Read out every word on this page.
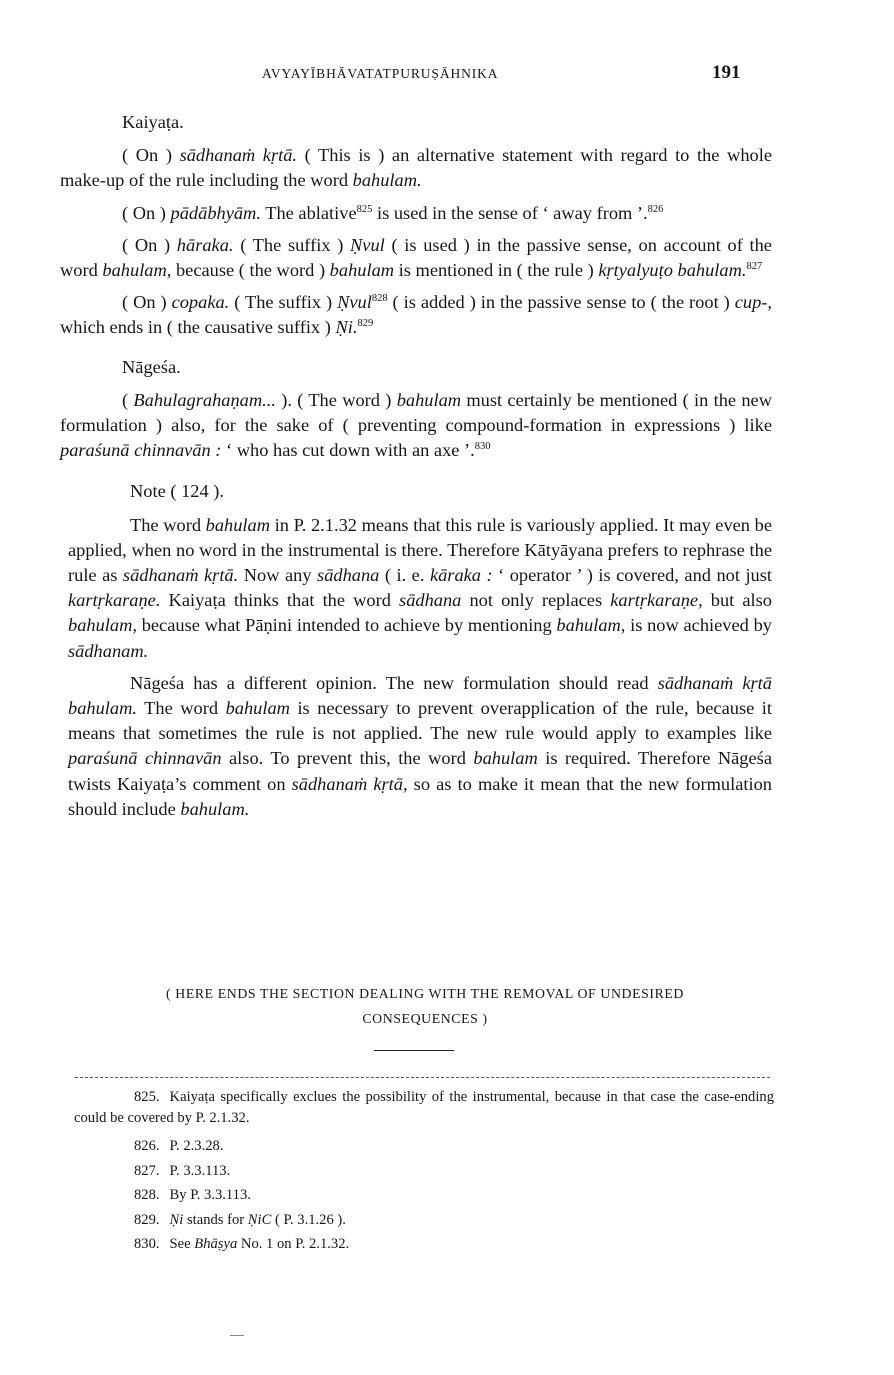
AVYAYĪBHĀVATATPURUṢĀHNIKA	191
Kaiyaṭa.

( On ) sādhanaṁ kṛtā. ( This is ) an alternative statement with regard to the whole make-up of the rule including the word bahulam.

( On ) pādābhyām. The ablative$^{825}$ is used in the sense of ‘ away from ’.$^{826}$

( On ) hāraka. ( The suffix ) Ṇvul ( is used ) in the passive sense, on account of the word bahulam, because ( the word ) bahulam is mentioned in ( the rule ) kṛtyalyuṭo bahulam.$^{827}$

( On ) copaka. ( The suffix ) Ṇvul$^{828}$ ( is added ) in the passive sense to ( the root ) cup-, which ends in ( the causative suffix ) Ṇi.$^{829}$

Nāgeśa.

( Bahulagrahaṇam... ). ( The word ) bahulam must certainly be mentioned ( in the new formulation ) also, for the sake of ( preventing compound-formation in expressions ) like paraśunā chinnavān : ‘ who has cut down with an axe ’.$^{830}$

Note ( 124 ).

The word bahulam in P. 2.1.32 means that this rule is variously applied. It may even be applied, when no word in the instrumental is there. Therefore Kātyāyana prefers to rephrase the rule as sādhanaṁ kṛtā. Now any sādhana ( i. e. kāraka : ‘ operator ’ ) is covered, and not just kartṛkaraṇe. Kaiyaṭa thinks that the word sādhana not only replaces kartṛkaraṇe, but also bahulam, because what Pāṇini intended to achieve by mentioning bahulam, is now achieved by sādhanam.

Nāgeśa has a different opinion. The new formulation should read sādhanaṁ kṛtā bahulam. The word bahulam is necessary to prevent overapplication of the rule, because it means that sometimes the rule is not applied. The new rule would apply to examples like paraśunā chinnavān also. To prevent this, the word bahulam is required. Therefore Nāgeśa twists Kaiyaṭa’s comment on sādhanaṁ kṛtā, so as to make it mean that the new formulation should include bahulam.

( HERE ENDS THE SECTION DEALING WITH THE REMOVAL OF UNDESIRED
CONSEQUENCES )

825. Kaiyaṭa specifically exclues the possibility of the instrumental, because in that case the case-ending could be covered by P. 2.1.32.

826. P. 2.3.28.

827. P. 3.3.113.

828. By P. 3.3.113.

829. Ṇi stands for ṆiC ( P. 3.1.26 ).

830. See Bhāṣya No. 1 on P. 2.1.32.
